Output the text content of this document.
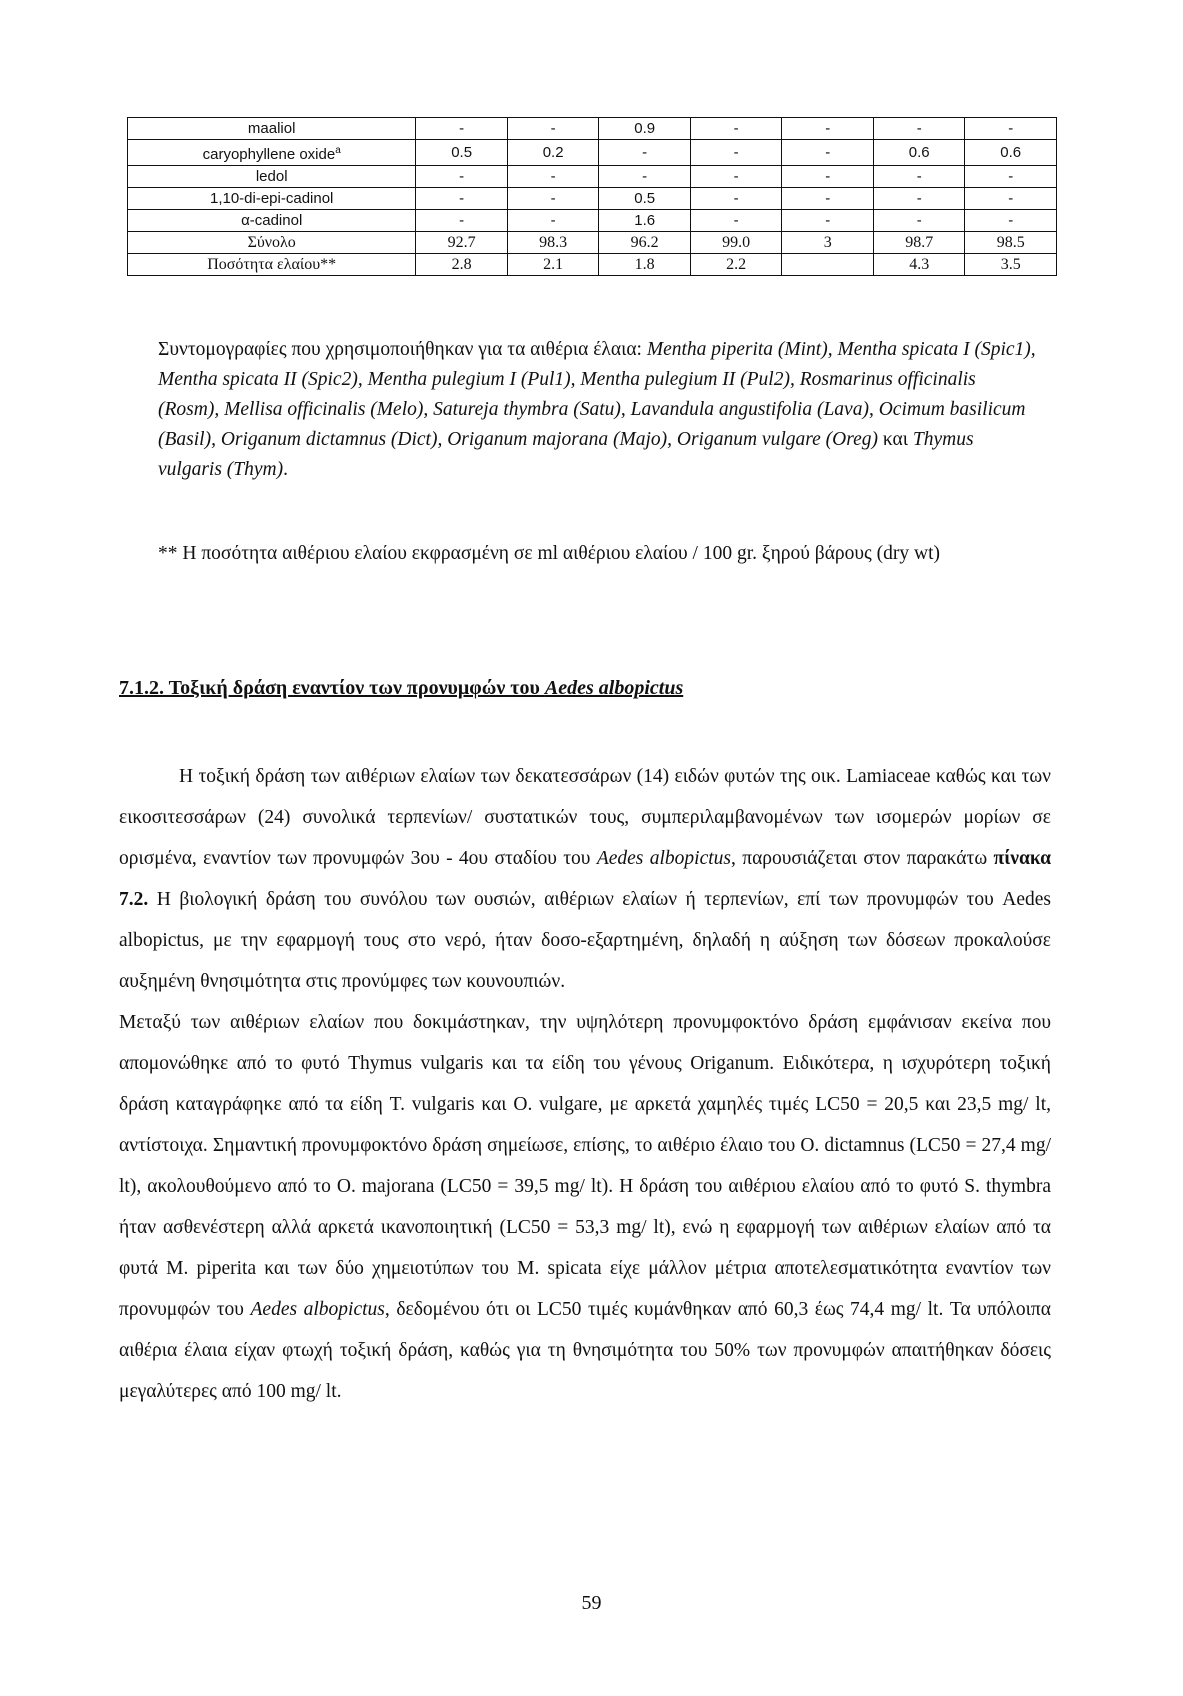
maaliol	-	-	0.9	-	-	-	-
caryophyllene oxide$^a$	0.5	0.2	-	-	-	0.6	0.6
ledol	-	-	-	-	-	-	-
1,10-di-epi-cadinol	-	-	0.5	-	-	-	-
α-cadinol	-	-	1.6	-	-	-	-
Σύνολο	92.7	98.3	96.2	99.0	3	98.7	98.5
Ποσότητα ελαίου**	2.8	2.1	1.8	2.2		4.3	3.5

Συντομογραφίες που χρησιμοποιήθηκαν για τα αιθέρια έλαια: Mentha piperita (Mint), Mentha spicata I (Spic1), Mentha spicata II (Spic2), Mentha pulegium I (Pul1), Mentha pulegium II (Pul2), Rosmarinus officinalis (Rosm), Mellisa officinalis (Melo), Satureja thymbra (Satu), Lavandula angustifolia (Lava), Ocimum basilicum (Basil), Origanum dictamnus (Dict), Origanum majorana (Majo), Origanum vulgare (Oreg) και Thymus vulgaris (Thym).

** Η ποσότητα αιθέριου ελαίου εκφρασμένη σε ml αιθέριου ελαίου / 100 gr. ξηρού βάρους (dry wt)

7.1.2. Τοξική δράση εναντίον των προνυμφών του Aedes albopictus

Η τοξική δράση των αιθέριων ελαίων των δεκατεσσάρων (14) ειδών φυτών της οικ. Lamiaceae καθώς και των εικοσιτεσσάρων (24) συνολικά τερπενίων/ συστατικών τους, συμπεριλαμβανομένων των ισομερών μορίων σε ορισμένα, εναντίον των προνυμφών 3ου - 4ου σταδίου του Aedes albopictus, παρουσιάζεται στον παρακάτω πίνακα 7.2. Η βιολογική δράση του συνόλου των ουσιών, αιθέριων ελαίων ή τερπενίων, επί των προνυμφών του Aedes albopictus, με την εφαρμογή τους στο νερό, ήταν δοσο-εξαρτημένη, δηλαδή η αύξηση των δόσεων προκαλούσε αυξημένη θνησιμότητα στις προνύμφες των κουνουπιών.

Μεταξύ των αιθέριων ελαίων που δοκιμάστηκαν, την υψηλότερη προνυμφοκτόνο δράση εμφάνισαν εκείνα που απομονώθηκε από το φυτό Thymus vulgaris και τα είδη του γένους Origanum. Ειδικότερα, η ισχυρότερη τοξική δράση καταγράφηκε από τα είδη T. vulgaris και O. vulgare, με αρκετά χαμηλές τιμές LC50 = 20,5 και 23,5 mg/ lt, αντίστοιχα. Σημαντική προνυμφοκτόνο δράση σημείωσε, επίσης, το αιθέριο έλαιο του O. dictamnus (LC50 = 27,4 mg/ lt), ακολουθούμενο από το O. majorana (LC50 = 39,5 mg/ lt). Η δράση του αιθέριου ελαίου από το φυτό S. thymbra ήταν ασθενέστερη αλλά αρκετά ικανοποιητική (LC50 = 53,3 mg/ lt), ενώ η εφαρμογή των αιθέριων ελαίων από τα φυτά M. piperita και των δύο χημειοτύπων του M. spicata είχε μάλλον μέτρια αποτελεσματικότητα εναντίον των προνυμφών του Aedes albopictus, δεδομένου ότι οι LC50 τιμές κυμάνθηκαν από 60,3 έως 74,4 mg/ lt. Τα υπόλοιπα αιθέρια έλαια είχαν φτωχή τοξική δράση, καθώς για τη θνησιμότητα του 50% των προνυμφών απαιτήθηκαν δόσεις μεγαλύτερες από 100 mg/ lt.

59
